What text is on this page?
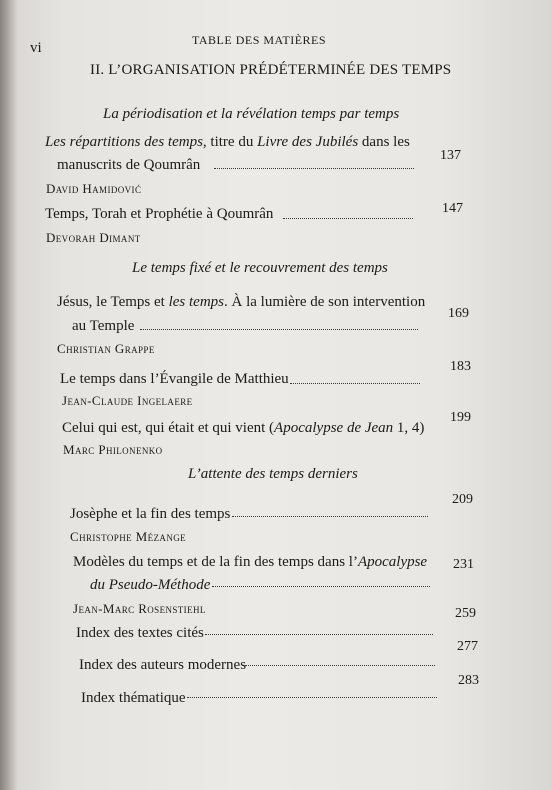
vi	TABLE DES MATIÈRES
II. L’ORGANISATION PRÉDÉTERMINÉE DES TEMPS
La périodisation et la révélation temps par temps
Les répartitions des temps, titre du Livre des Jubilés dans les
manuscrits de Qoumrân
137
David Hamidović
Temps, Torah et Prophétie à Qoumrân	147
Devorah Dimant
Le temps fixé et le recouvrement des temps
Jésus, le Temps et les temps. À la lumière de son intervention
au Temple
169
Christian Grappe
Le temps dans l’Évangile de Matthieu
183
Jean-Claude Ingelaere
Celui qui est, qui était et qui vient (Apocalypse de Jean 1, 4)
199
Marc Philonenko
L’attente des temps derniers
Josèphe et la fin des temps
209
Christophe Mézange
Modèles du temps et de la fin des temps dans l’Apocalypse
du Pseudo-Méthode
231
Jean-Marc Rosenstiehl
Index des textes cités
259
Index des auteurs modernes
277
Index thématique
283
